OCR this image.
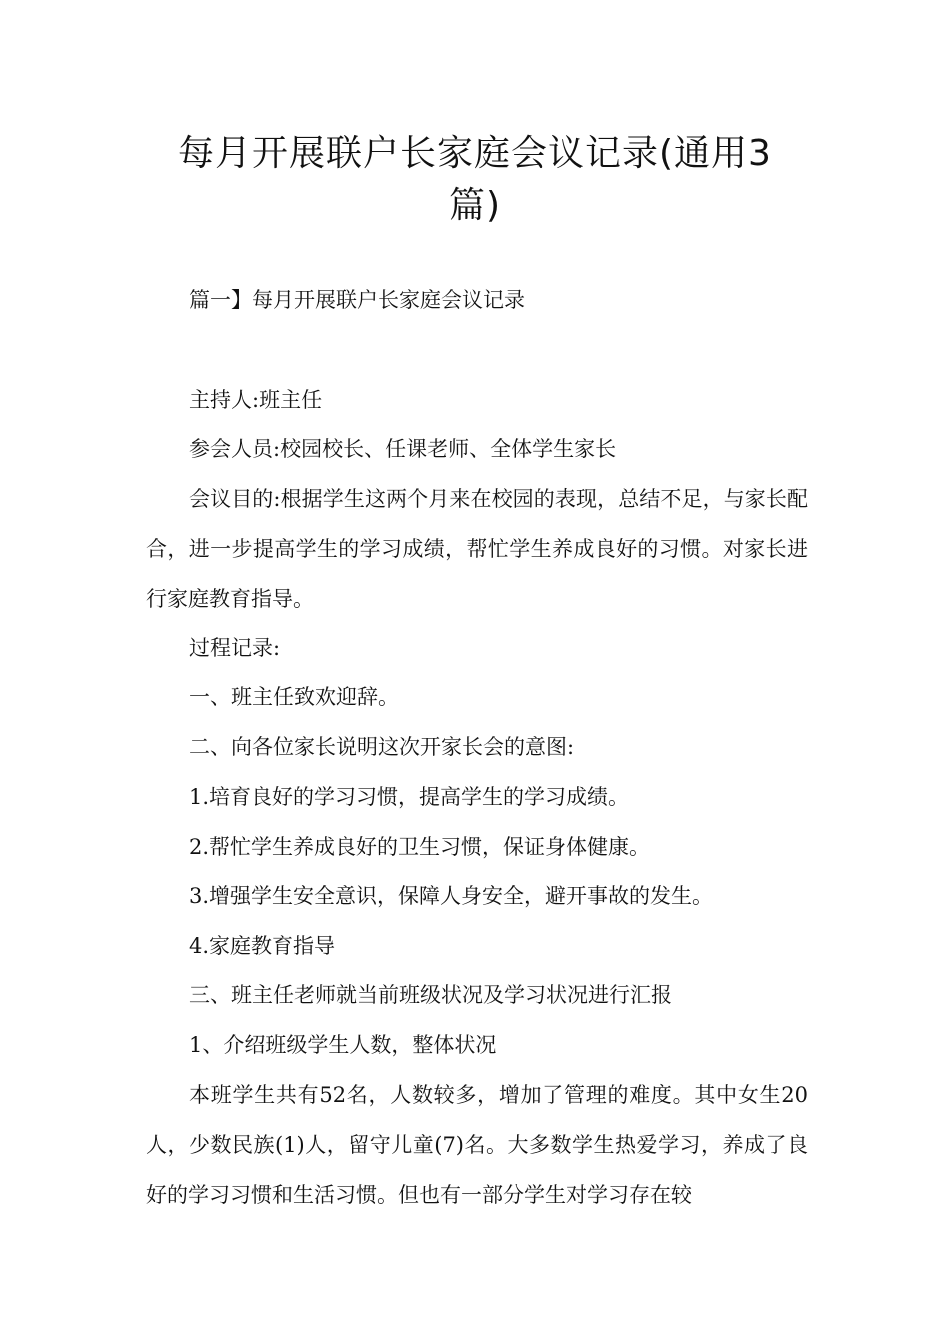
每月开展联户长家庭会议记录(通用3
篇)

篇一】每月开展联户长家庭会议记录

主持人:班主任

参会人员:校园校长、任课老师、全体学生家长

会议目的:根据学生这两个月来在校园的表现，总结不足，与家长配合，进一步提高学生的学习成绩，帮忙学生养成良好的习惯。对家长进行家庭教育指导。

过程记录:

一、班主任致欢迎辞。

二、向各位家长说明这次开家长会的意图:

1.培育良好的学习习惯，提高学生的学习成绩。

2.帮忙学生养成良好的卫生习惯，保证身体健康。

3.增强学生安全意识，保障人身安全，避开事故的发生。

4.家庭教育指导

三、班主任老师就当前班级状况及学习状况进行汇报

1、介绍班级学生人数，整体状况

本班学生共有52名，人数较多，增加了管理的难度。其中女生20人，少数民族(1)人，留守儿童(7)名。大多数学生热爱学习，养成了良好的学习习惯和生活习惯。但也有一部分学生对学习存在较
